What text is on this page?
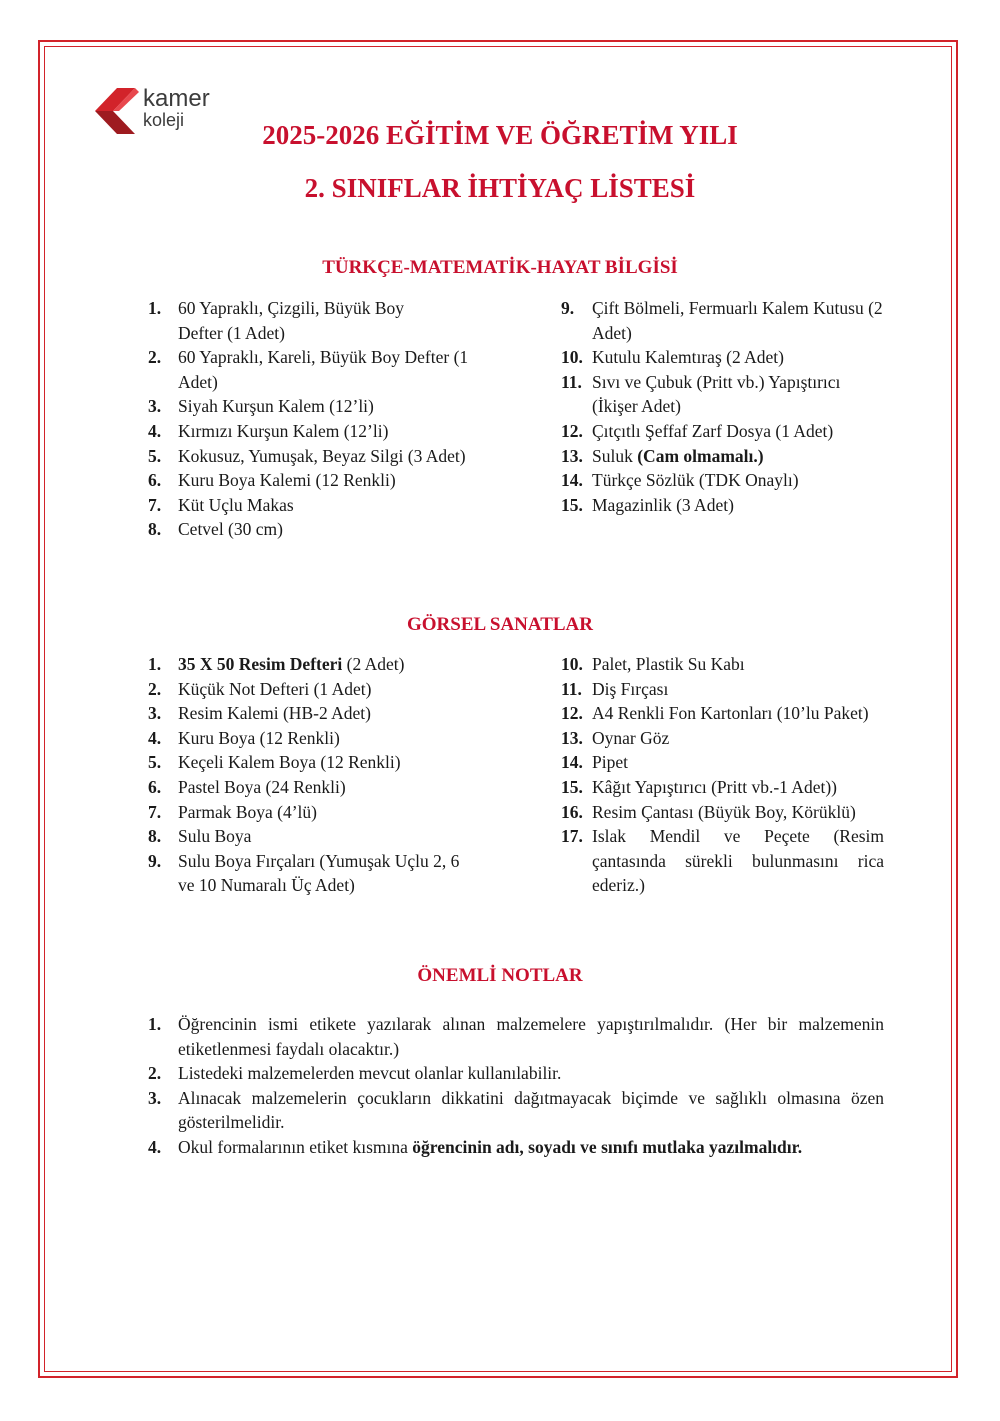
kamer
koleji	2025-2026 EĞİTİM VE ÖĞRETİM YILI
2. SINIFLAR İHTİYAÇ LİSTESİ
TÜRKÇE-MATEMATİK-HAYAT BİLGİSİ
1. 60 Yapraklı, Çizgili, Büyük Boy Defter (1 Adet)
2. 60 Yapraklı, Kareli, Büyük Boy Defter (1 Adet)
3. Siyah Kurşun Kalem (12’li)
4. Kırmızı Kurşun Kalem (12’li)
5. Kokusuz, Yumuşak, Beyaz Silgi (3 Adet)
6. Kuru Boya Kalemi (12 Renkli)
7. Küt Uçlu Makas
8. Cetvel (30 cm)
9.	Çift Bölmeli, Fermuarlı Kalem Kutusu (2 Adet)
10. Kutulu Kalemtıraş (2 Adet)
11. Sıvı ve Çubuk (Pritt vb.) Yapıştırıcı (İkişer Adet)
12. Çıtçıtlı Şeffaf Zarf Dosya (1 Adet)
13. Suluk (Cam olmamalı.)
14. Türkçe Sözlük (TDK Onaylı)
15. Magazinlik (3 Adet)
GÖRSEL SANATLAR
1. 35 X 50 Resim Defteri (2 Adet)
2. Küçük Not Defteri (1 Adet)
3. Resim Kalemi (HB-2 Adet)
4. Kuru Boya (12 Renkli)
5. Keçeli Kalem Boya (12 Renkli)
6. Pastel Boya (24 Renkli)
7. Parmak Boya (4’lü)
8. Sulu Boya
9. Sulu Boya Fırçaları (Yumuşak Uçlu 2, 6 ve 10 Numaralı Üç Adet)
10. Palet, Plastik Su Kabı
11. Diş Fırçası
12. A4 Renkli Fon Kartonları (10’lu Paket)
13. Oynar Göz
14. Pipet
15. Kâğıt Yapıştırıcı (Pritt vb.-1 Adet))
16. Resim Çantası (Büyük Boy, Körüklü)
17. Islak Mendil ve Peçete (Resim çantasında sürekli bulunmasını rica ederiz.)
ÖNEMLİ NOTLAR
1. Öğrencinin ismi etikete yazılarak alınan malzemelere yapıştırılmalıdır. (Her bir malzemenin etiketlenmesi faydalı olacaktır.)
2. Listedeki malzemelerden mevcut olanlar kullanılabilir.
3. Alınacak malzemelerin çocukların dikkatini dağıtmayacak biçimde ve sağlıklı olmasına özen gösterilmelidir.
4. Okul formalarının etiket kısmına öğrencinin adı, soyadı ve sınıfı mutlaka yazılmalıdır.
